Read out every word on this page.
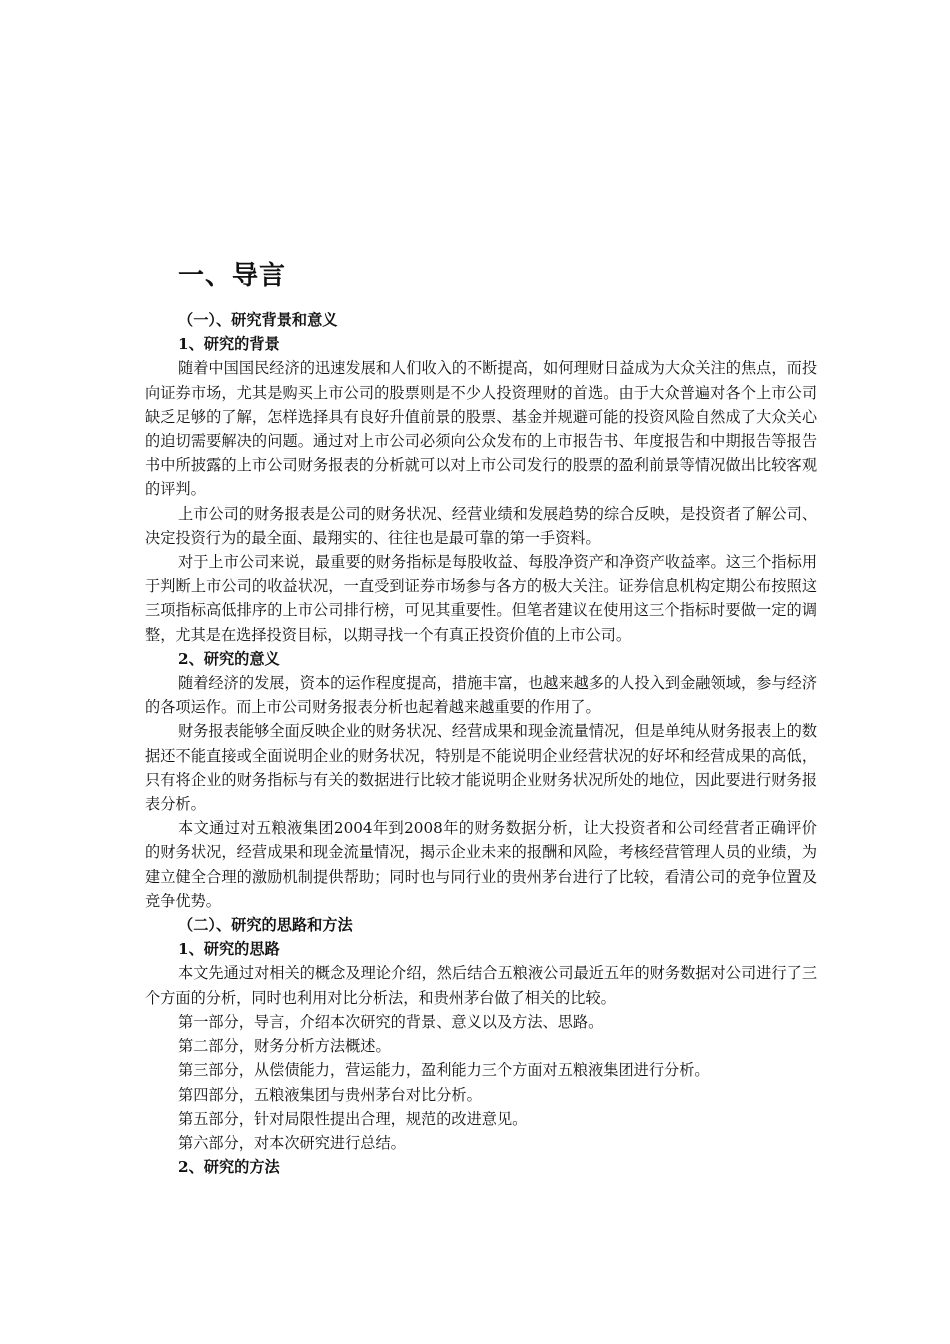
一、导言
（一）、研究背景和意义
1、研究的背景

随着中国国民经济的迅速发展和人们收入的不断提高，如何理财日益成为大众关注的焦点，而投向证券市场，尤其是购买上市公司的股票则是不少人投资理财的首选。由于大众普遍对各个上市公司缺乏足够的了解，怎样选择具有良好升值前景的股票、基金并规避可能的投资风险自然成了大众关心的迫切需要解决的问题。通过对上市公司必须向公众发布的上市报告书、年度报告和中期报告等报告书中所披露的上市公司财务报表的分析就可以对上市公司发行的股票的盈利前景等情况做出比较客观的评判。

上市公司的财务报表是公司的财务状况、经营业绩和发展趋势的综合反映，是投资者了解公司、决定投资行为的最全面、最翔实的、往往也是最可靠的第一手资料。

对于上市公司来说，最重要的财务指标是每股收益、每股净资产和净资产收益率。这三个指标用于判断上市公司的收益状况，一直受到证券市场参与各方的极大关注。证券信息机构定期公布按照这三项指标高低排序的上市公司排行榜，可见其重要性。但笔者建议在使用这三个指标时要做一定的调整，尤其是在选择投资目标，以期寻找一个有真正投资价值的上市公司。

2、研究的意义

随着经济的发展，资本的运作程度提高，措施丰富，也越来越多的人投入到金融领域，参与经济的各项运作。而上市公司财务报表分析也起着越来越重要的作用了。

财务报表能够全面反映企业的财务状况、经营成果和现金流量情况，但是单纯从财务报表上的数据还不能直接或全面说明企业的财务状况，特别是不能说明企业经营状况的好坏和经营成果的高低，只有将企业的财务指标与有关的数据进行比较才能说明企业财务状况所处的地位，因此要进行财务报表分析。

本文通过对五粮液集团2004年到2008年的财务数据分析，让大投资者和公司经营者正确评价的财务状况，经营成果和现金流量情况，揭示企业未来的报酬和风险，考核经营管理人员的业绩，为建立健全合理的激励机制提供帮助；同时也与同行业的贵州茅台进行了比较，看清公司的竞争位置及竞争优势。

（二）、研究的思路和方法
1、研究的思路

本文先通过对相关的概念及理论介绍，然后结合五粮液公司最近五年的财务数据对公司进行了三个方面的分析，同时也利用对比分析法，和贵州茅台做了相关的比较。

第一部分，导言，介绍本次研究的背景、意义以及方法、思路。

第二部分，财务分析方法概述。

第三部分，从偿债能力，营运能力，盈利能力三个方面对五粮液集团进行分析。

第四部分，五粮液集团与贵州茅台对比分析。

第五部分，针对局限性提出合理，规范的改进意见。

第六部分，对本次研究进行总结。

2、研究的方法
